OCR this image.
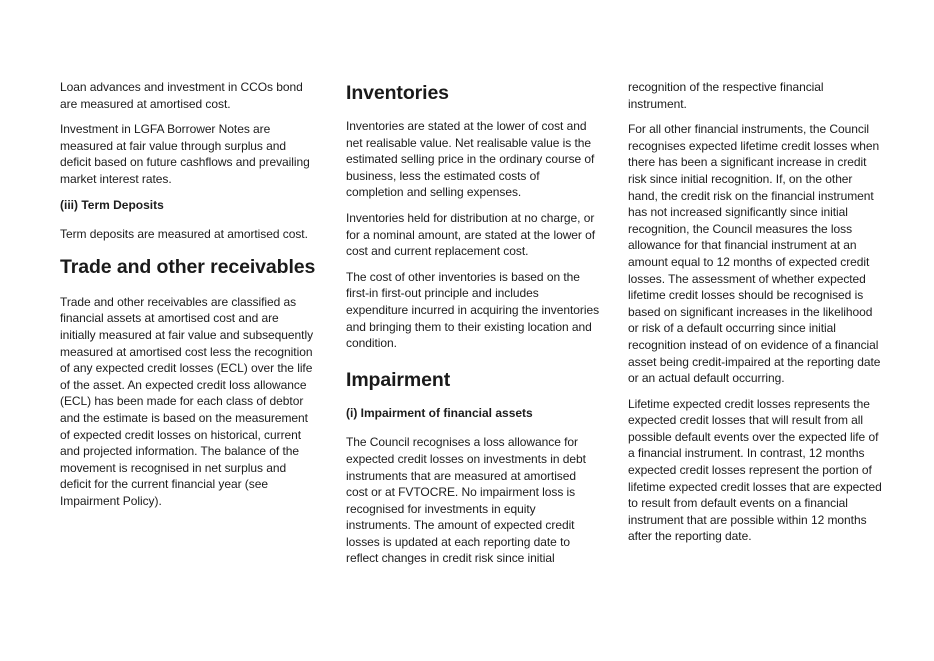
Loan advances and investment in CCOs bond are measured at amortised cost.

Investment in LGFA Borrower Notes are measured at fair value through surplus and deficit based on future cashflows and prevailing market interest rates.

(iii) Term Deposits

Term deposits are measured at amortised cost.

Trade and other receivables

Trade and other receivables are classified as financial assets at amortised cost and are initially measured at fair value and subsequently measured at amortised cost less the recognition of any expected credit losses (ECL) over the life of the asset. An expected credit loss allowance (ECL) has been made for each class of debtor and the estimate is based on the measurement of expected credit losses on historical, current and projected information. The balance of the movement is recognised in net surplus and deficit for the current financial year (see Impairment Policy).

Inventories

Inventories are stated at the lower of cost and net realisable value. Net realisable value is the estimated selling price in the ordinary course of business, less the estimated costs of completion and selling expenses.

Inventories held for distribution at no charge, or for a nominal amount, are stated at the lower of cost and current replacement cost.

The cost of other inventories is based on the first-in first-out principle and includes expenditure incurred in acquiring the inventories and bringing them to their existing location and condition.

Impairment
(i) Impairment of financial assets

The Council recognises a loss allowance for expected credit losses on investments in debt instruments that are measured at amortised cost or at FVTOCRE. No impairment loss is recognised for investments in equity instruments. The amount of expected credit losses is updated at each reporting date to reflect changes in credit risk since initial

recognition of the respective financial instrument.

For all other financial instruments, the Council recognises expected lifetime credit losses when there has been a significant increase in credit risk since initial recognition. If, on the other hand, the credit risk on the financial instrument has not increased significantly since initial recognition, the Council measures the loss allowance for that financial instrument at an amount equal to 12 months of expected credit losses. The assessment of whether expected lifetime credit losses should be recognised is based on significant increases in the likelihood or risk of a default occurring since initial recognition instead of on evidence of a financial asset being credit-impaired at the reporting date or an actual default occurring.

Lifetime expected credit losses represents the expected credit losses that will result from all possible default events over the expected life of a financial instrument. In contrast, 12 months expected credit losses represent the portion of lifetime expected credit losses that are expected to result from default events on a financial instrument that are possible within 12 months after the reporting date.
